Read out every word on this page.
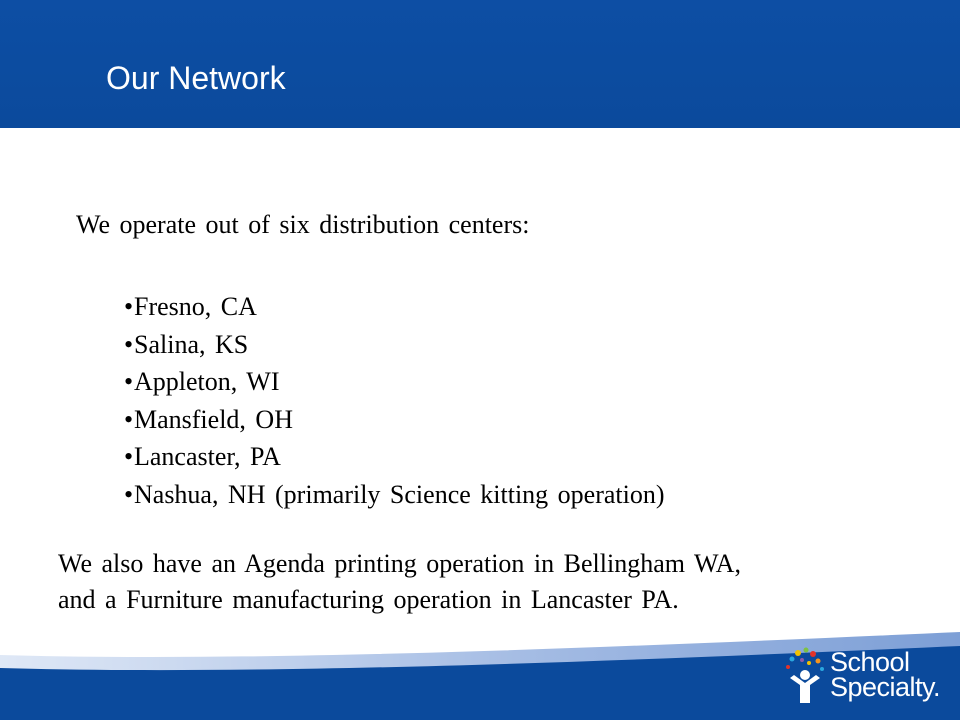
Our Network
We operate out of six distribution centers:
•Fresno, CA
•Salina, KS
•Appleton, WI
•Mansfield, OH
•Lancaster, PA
•Nashua, NH (primarily Science kitting operation)
We also have an Agenda printing operation in Bellingham WA,
and a Furniture manufacturing operation in Lancaster PA.
School
Specialty.
